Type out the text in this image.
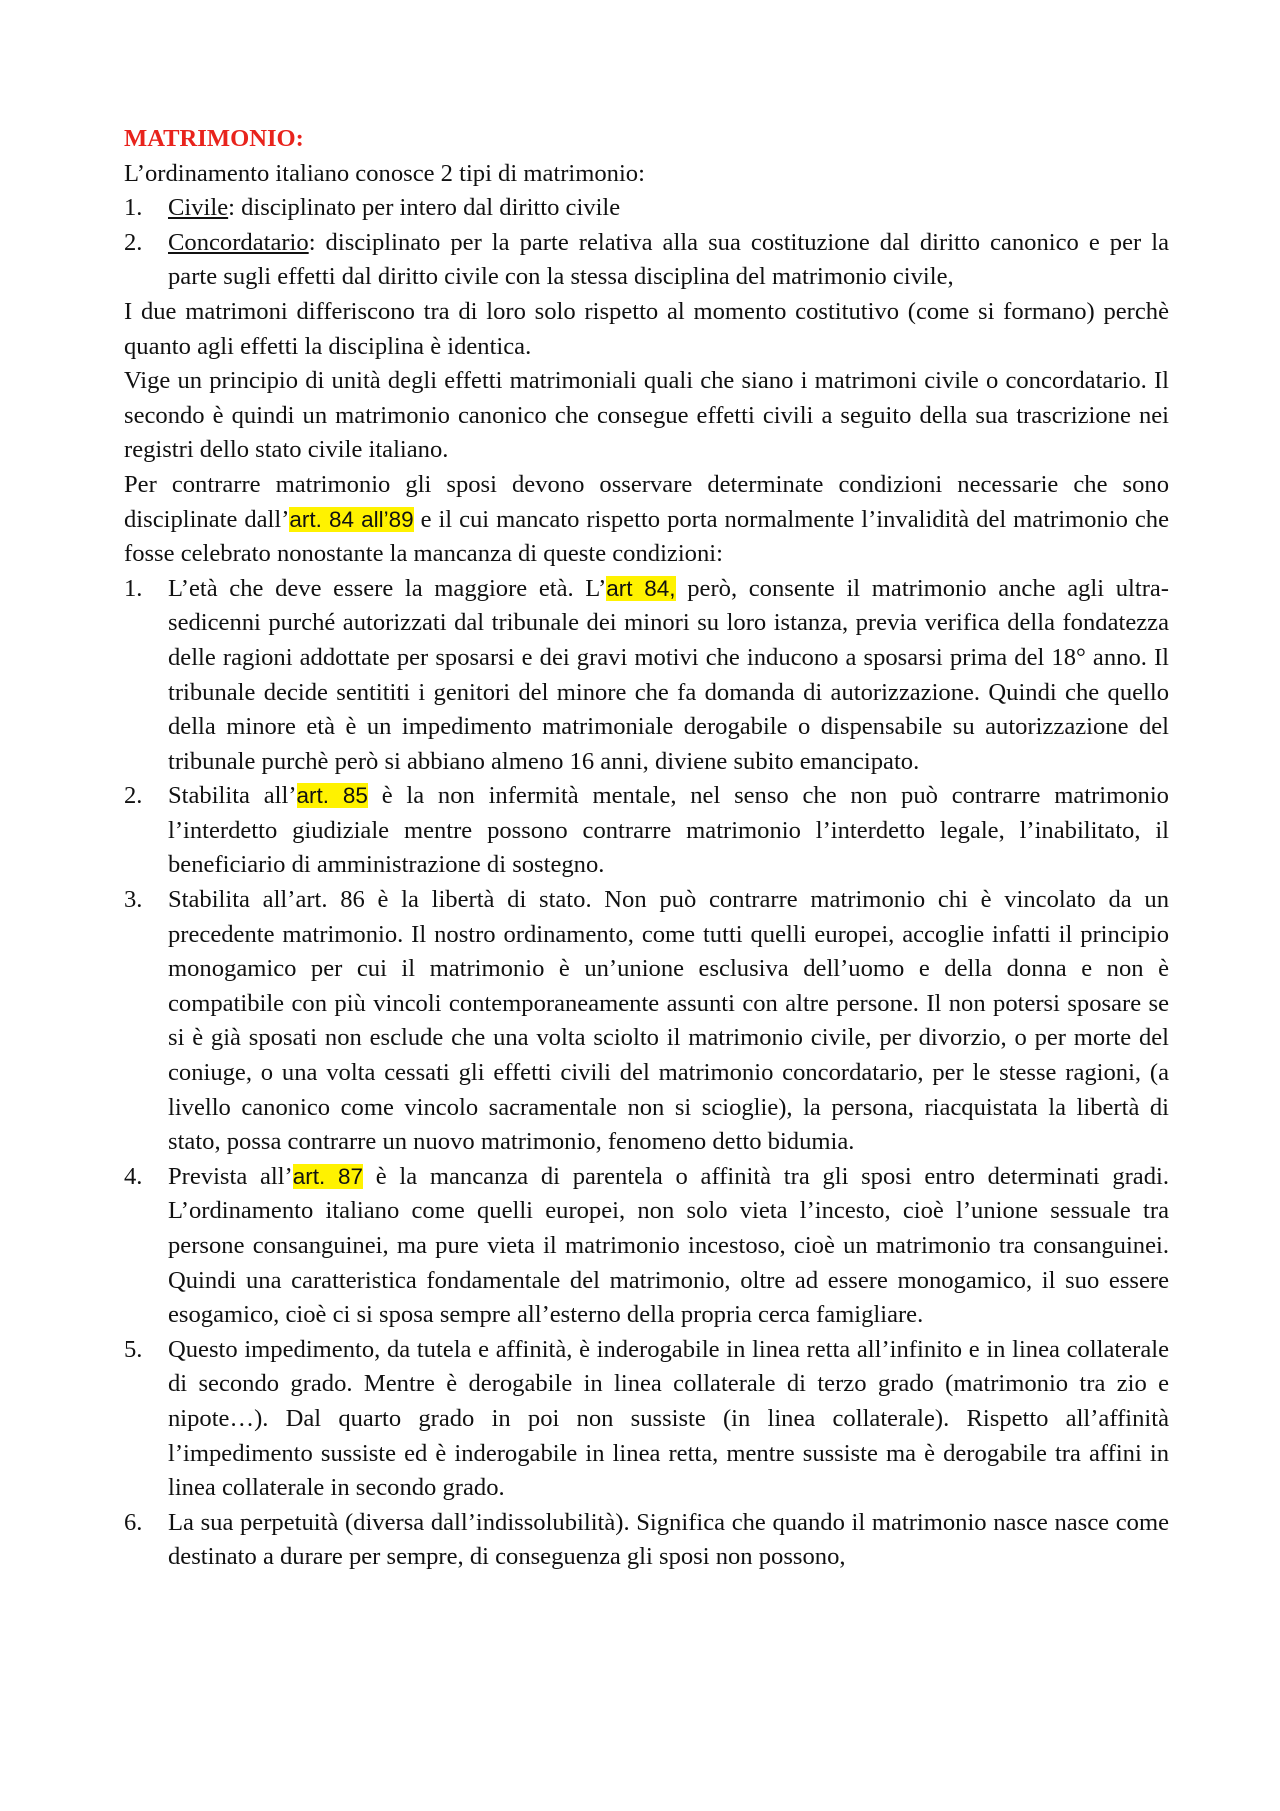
MATRIMONIO:

L’ordinamento italiano conosce 2 tipi di matrimonio:

1. Civile: disciplinato per intero dal diritto civile
2. Concordatario: disciplinato per la parte relativa alla sua costituzione dal diritto canonico e per la parte sugli effetti dal diritto civile con la stessa disciplina del matrimonio civile,

I due matrimoni differiscono tra di loro solo rispetto al momento costitutivo (come si formano) perchè quanto agli effetti la disciplina è identica.

Vige un principio di unità degli effetti matrimoniali quali che siano i matrimoni civile o concordatario. Il secondo è quindi un matrimonio canonico che consegue effetti civili a seguito della sua trascrizione nei registri dello stato civile italiano.

Per contrarre matrimonio gli sposi devono osservare determinate condizioni necessarie che sono disciplinate dall’art. 84 all’89 e il cui mancato rispetto porta normalmente l’invalidità del matrimonio che fosse celebrato nonostante la mancanza di queste condizioni:

1. L’età che deve essere la maggiore età. L’art 84, però, consente il matrimonio anche agli ultra-sedicenni purché autorizzati dal tribunale dei minori su loro istanza, previa verifica della fondatezza delle ragioni addottate per sposarsi e dei gravi motivi che inducono a sposarsi prima del 18° anno. Il tribunale decide sentititi i genitori del minore che fa domanda di autorizzazione. Quindi che quello della minore età è un impedimento matrimoniale derogabile o dispensabile su autorizzazione del tribunale purchè però si abbiano almeno 16 anni, diviene subito emancipato.
2. Stabilita all’art. 85 è la non infermità mentale, nel senso che non può contrarre matrimonio l’interdetto giudiziale mentre possono contrarre matrimonio l’interdetto legale, l’inabilitato, il beneficiario di amministrazione di sostegno.
3. Stabilita all’art. 86 è la libertà di stato. Non può contrarre matrimonio chi è vincolato da un precedente matrimonio. Il nostro ordinamento, come tutti quelli europei, accoglie infatti il principio monogamico per cui il matrimonio è un’unione esclusiva dell’uomo e della donna e non è compatibile con più vincoli contemporaneamente assunti con altre persone. Il non potersi sposare se si è già sposati non esclude che una volta sciolto il matrimonio civile, per divorzio, o per morte del coniuge, o una volta cessati gli effetti civili del matrimonio concordatario, per le stesse ragioni, (a livello canonico come vincolo sacramentale non si scioglie), la persona, riacquistata la libertà di stato, possa contrarre un nuovo matrimonio, fenomeno detto bidumia.
4. Prevista all’art. 87 è la mancanza di parentela o affinità tra gli sposi entro determinati gradi. L’ordinamento italiano come quelli europei, non solo vieta l’incesto, cioè l’unione sessuale tra persone consanguinei, ma pure vieta il matrimonio incestoso, cioè un matrimonio tra consanguinei. Quindi una caratteristica fondamentale del matrimonio, oltre ad essere monogamico, il suo essere esogamico, cioè ci si sposa sempre all’esterno della propria cerca famigliare.
5. Questo impedimento, da tutela e affinità, è inderogabile in linea retta all’infinito e in linea collaterale di secondo grado. Mentre è derogabile in linea collaterale di terzo grado (matrimonio tra zio e nipote…). Dal quarto grado in poi non sussiste (in linea collaterale). Rispetto all’affinità l’impedimento sussiste ed è inderogabile in linea retta, mentre sussiste ma è derogabile tra affini in linea collaterale in secondo grado.
6. La sua perpetuità (diversa dall’indissolubilità). Significa che quando il matrimonio nasce nasce come destinato a durare per sempre, di conseguenza gli sposi non possono,
